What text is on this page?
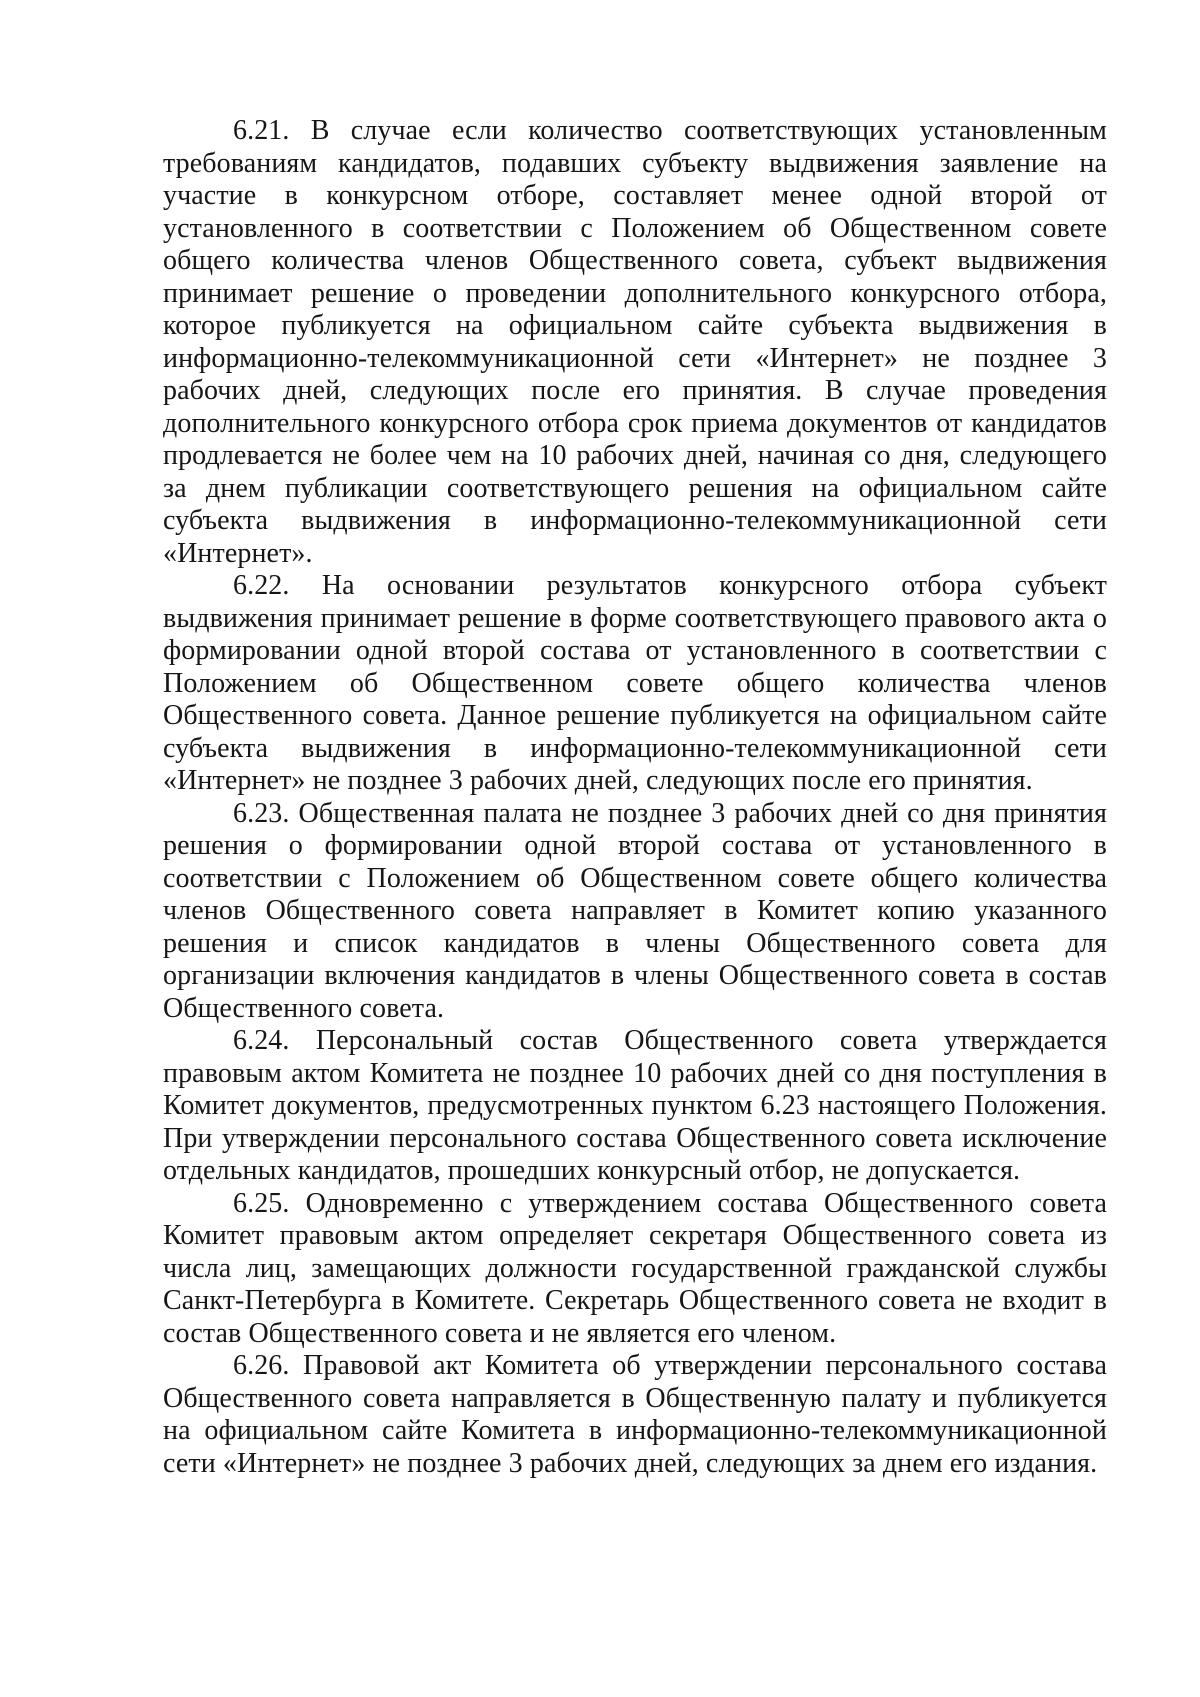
6.21. В случае если количество соответствующих установленным требованиям кандидатов, подавших субъекту выдвижения заявление на участие в конкурсном отборе, составляет менее одной второй от установленного в соответствии с Положением об Общественном совете общего количества членов Общественного совета, субъект выдвижения принимает решение о проведении дополнительного конкурсного отбора, которое публикуется на официальном сайте субъекта выдвижения в информационно-телекоммуникационной сети «Интернет» не позднее 3 рабочих дней, следующих после его принятия. В случае проведения дополнительного конкурсного отбора срок приема документов от кандидатов продлевается не более чем на 10 рабочих дней, начиная со дня, следующего за днем публикации соответствующего решения на официальном сайте субъекта выдвижения в информационно-телекоммуникационной сети «Интернет».

6.22. На основании результатов конкурсного отбора субъект выдвижения принимает решение в форме соответствующего правового акта о формировании одной второй состава от установленного в соответствии с Положением об Общественном совете общего количества членов Общественного совета. Данное решение публикуется на официальном сайте субъекта выдвижения в информационно-телекоммуникационной сети «Интернет» не позднее 3 рабочих дней, следующих после его принятия.

6.23. Общественная палата не позднее 3 рабочих дней со дня принятия решения о формировании одной второй состава от установленного в соответствии с Положением об Общественном совете общего количества членов Общественного совета направляет в Комитет копию указанного решения и список кандидатов в члены Общественного совета для организации включения кандидатов в члены Общественного совета в состав Общественного совета.

6.24. Персональный состав Общественного совета утверждается правовым актом Комитета не позднее 10 рабочих дней со дня поступления в Комитет документов, предусмотренных пунктом 6.23 настоящего Положения. При утверждении персонального состава Общественного совета исключение отдельных кандидатов, прошедших конкурсный отбор, не допускается.

6.25. Одновременно с утверждением состава Общественного совета Комитет правовым актом определяет секретаря Общественного совета из числа лиц, замещающих должности государственной гражданской службы Санкт-Петербурга в Комитете. Секретарь Общественного совета не входит в состав Общественного совета и не является его членом.

6.26. Правовой акт Комитета об утверждении персонального состава Общественного совета направляется в Общественную палату и публикуется на официальном сайте Комитета в информационно-телекоммуникационной сети «Интернет» не позднее 3 рабочих дней, следующих за днем его издания.
